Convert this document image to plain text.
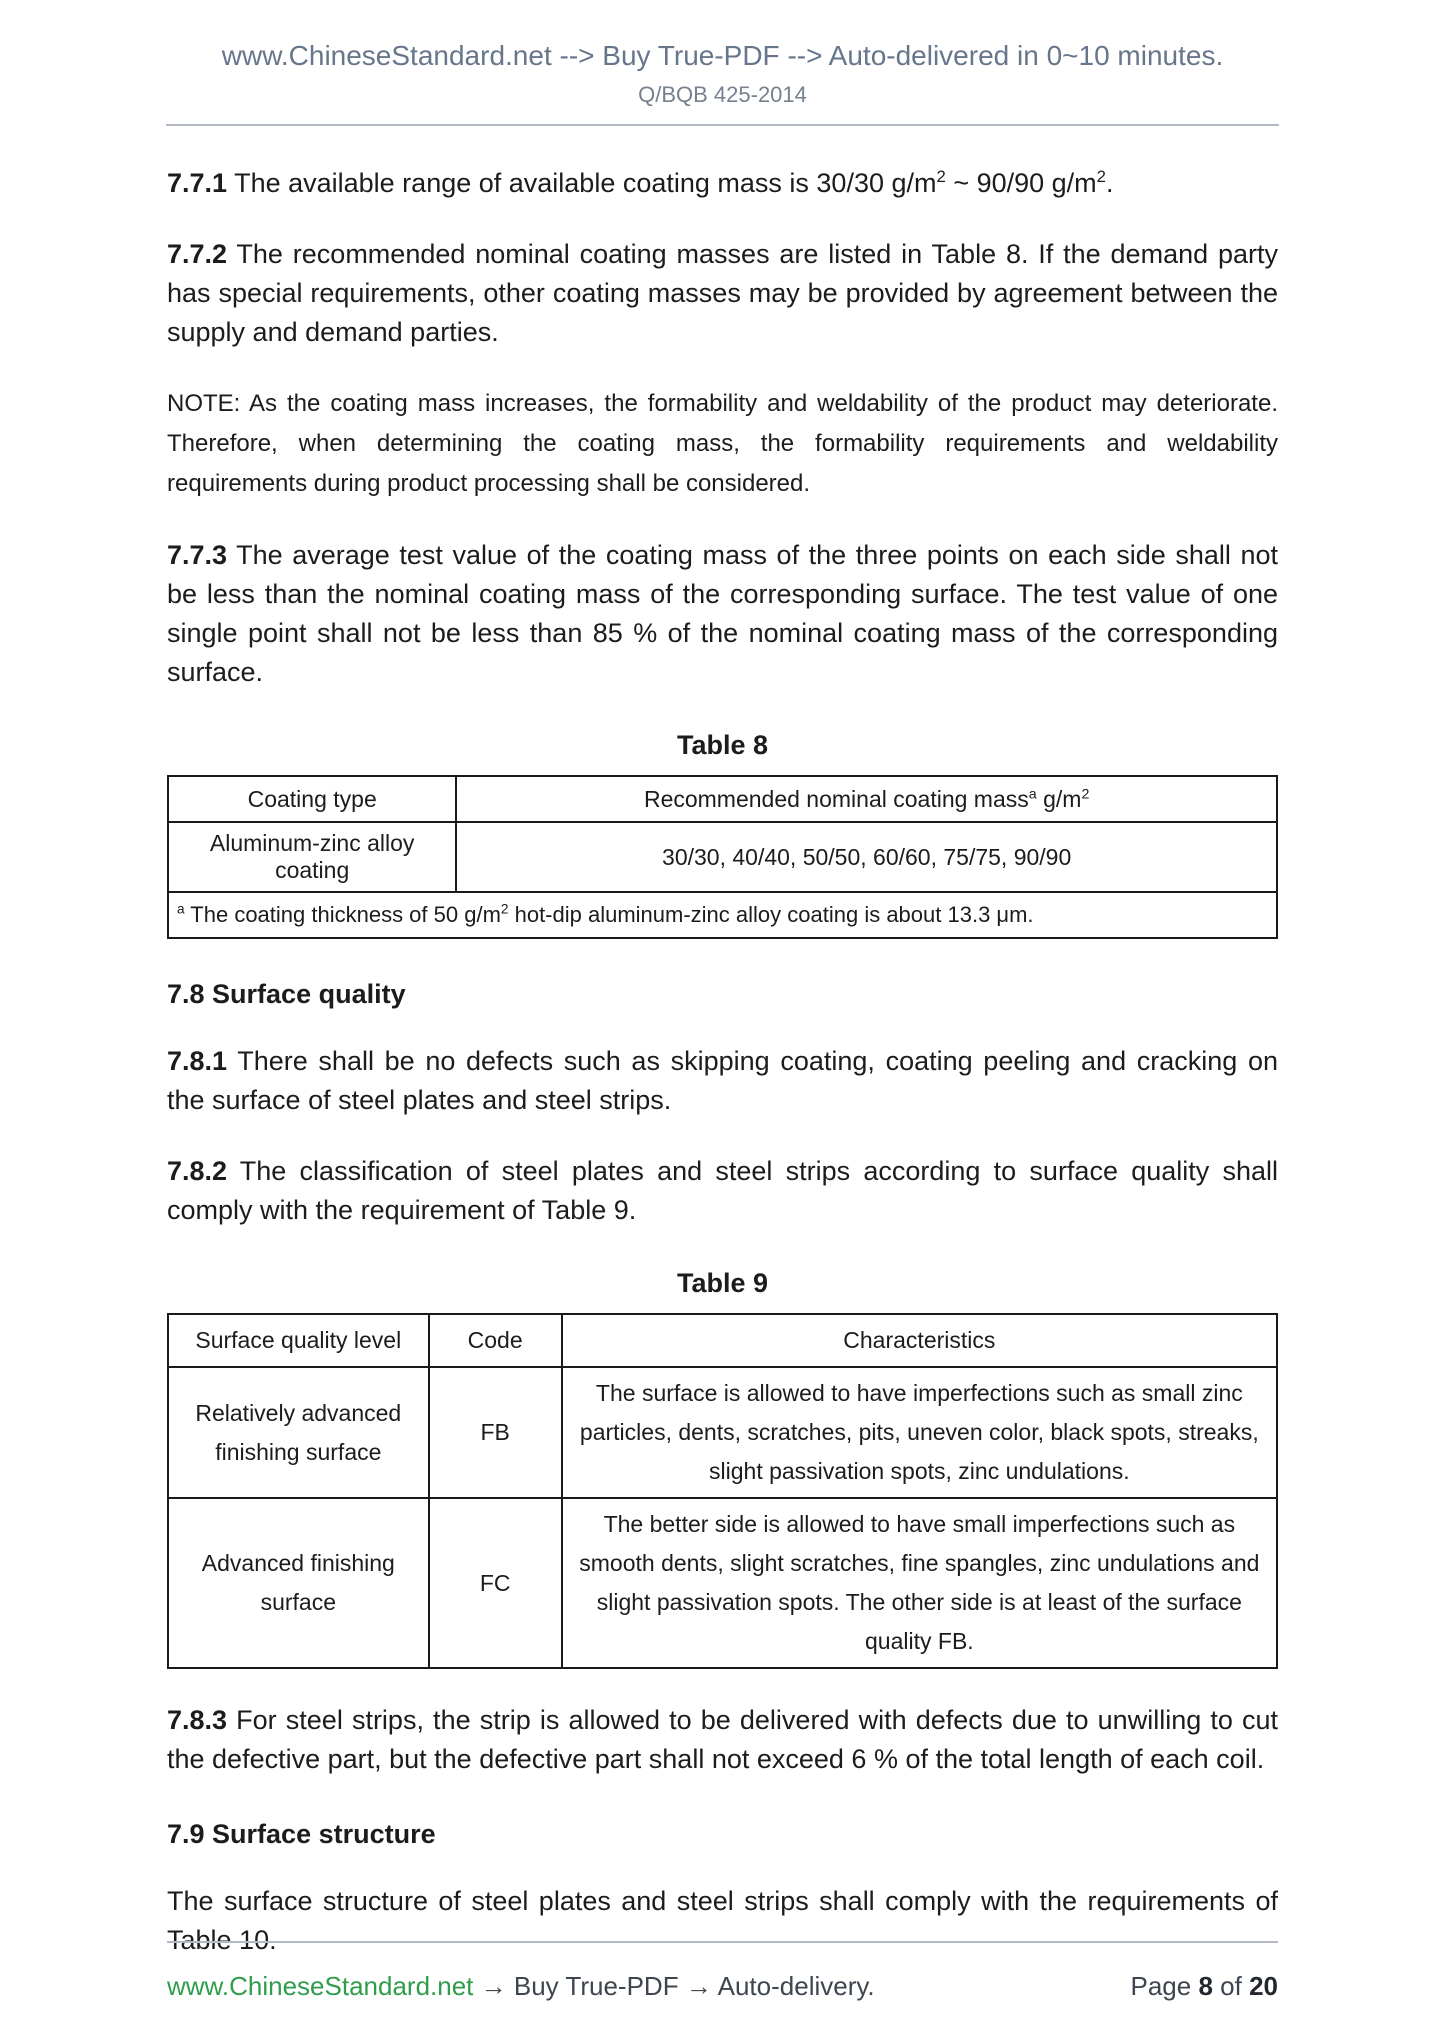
www.ChineseStandard.net --> Buy True-PDF --> Auto-delivered in 0~10 minutes.
Q/BQB 425-2014

7.7.1 The available range of available coating mass is 30/30 $g/m^2$ ~ 90/90 $g/m^2$.

7.7.2 The recommended nominal coating masses are listed in Table 8. If the demand party has special requirements, other coating masses may be provided by agreement between the supply and demand parties.

NOTE: As the coating mass increases, the formability and weldability of the product may deteriorate. Therefore, when determining the coating mass, the formability requirements and weldability requirements during product processing shall be considered.

7.7.3 The average test value of the coating mass of the three points on each side shall not be less than the nominal coating mass of the corresponding surface. The test value of one single point shall not be less than 85 % of the nominal coating mass of the corresponding surface.

Table 8
Coating type	Recommended nominal coating mass$^a$ $g/m^2$
Aluminum-zinc alloy coating	30/30, 40/40, 50/50, 60/60, 75/75, 90/90
$^a$ The coating thickness of 50 $g/m^2$ hot-dip aluminum-zinc alloy coating is about 13.3 μm.	
7.8 Surface quality

7.8.1 There shall be no defects such as skipping coating, coating peeling and cracking on the surface of steel plates and steel strips.

7.8.2 The classification of steel plates and steel strips according to surface quality shall comply with the requirement of Table 9.

Table 9
Surface quality level	Code	Characteristics
Relatively advanced finishing surface	FB	The surface is allowed to have imperfections such as small zinc particles, dents, scratches, pits, uneven color, black spots, streaks, slight passivation spots, zinc undulations.
Advanced finishing surface	FC	The better side is allowed to have small imperfections such as smooth dents, slight scratches, fine spangles, zinc undulations and slight passivation spots. The other side is at least of the surface quality FB.

7.8.3 For steel strips, the strip is allowed to be delivered with defects due to unwilling to cut the defective part, but the defective part shall not exceed 6 % of the total length of each coil.

7.9 Surface structure

The surface structure of steel plates and steel strips shall comply with the requirements of Table 10.

www.ChineseStandard.net → Buy True-PDF → Auto-delivery.	Page 8 of 20
